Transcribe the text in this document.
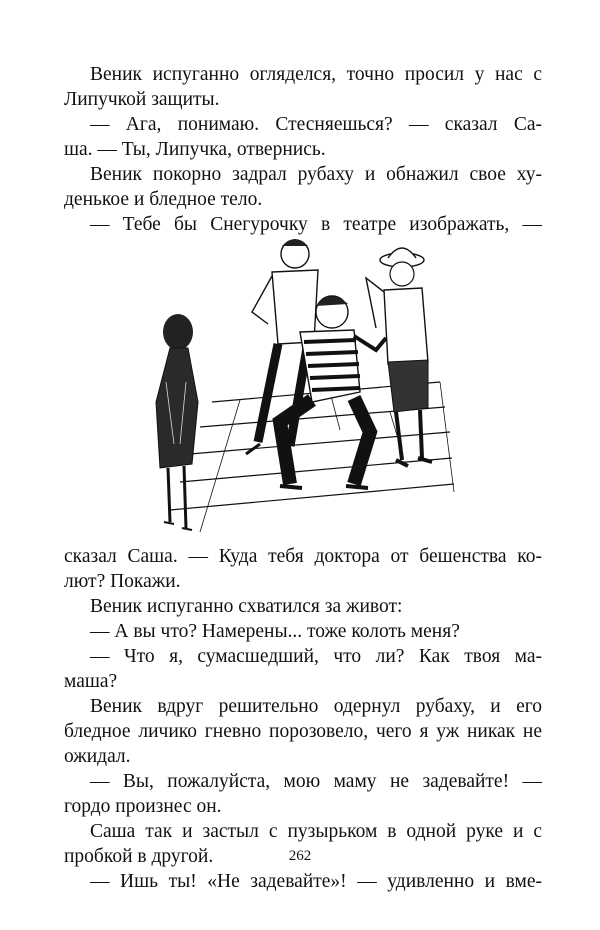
Веник испуганно огляделся, точно просил у нас с
Липучкой защиты.
— Ага, понимаю. Стесняешься? — сказал Са-
ша. — Ты, Липучка, отвернись.
Веник покорно задрал рубаху и обнажил свое ху-
денькое и бледное тело.
— Тебе бы Снегурочку в театре изображать, —
сказал Саша. — Куда тебя доктора от бешенства ко-
лют? Покажи.
Веник испуганно схватился за живот:
— А вы что? Намерены... тоже колоть меня?
— Что я, сумасшедший, что ли? Как твоя ма-
маша?
Веник вдруг решительно одернул рубаху, и его
бледное личико гневно порозовело, чего я уж никак не
ожидал.
— Вы, пожалуйста, мою маму не задевайте! —
гордо произнес он.
Саша так и застыл с пузырьком в одной руке и с
пробкой в другой.
— Ишь ты! «Не задевайте»! — удивленно и вме-
262
